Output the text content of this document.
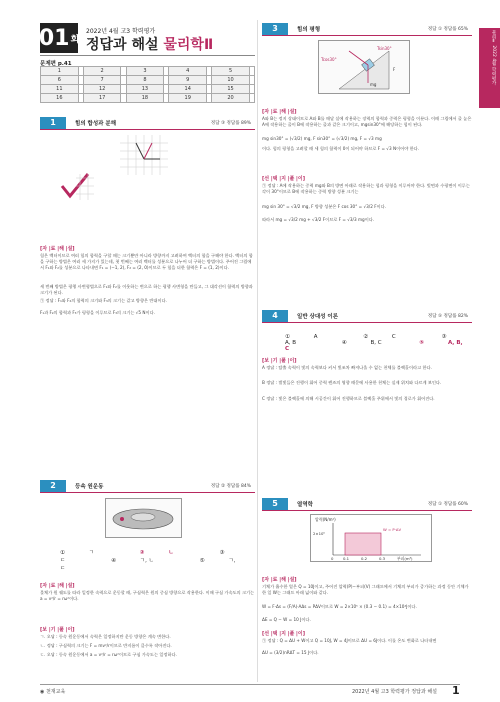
물리Ⅱ 2022 4월 학력평가
01 회
2022년 4월 고3 학력평가
정답과 해설 물리학Ⅱ
문제편 p.41
1		2		3		4		5	
6		7		8		9		10	
11		12		13		14		15	
16		17		18		19		20	
1	힘의 합성과 분해	정답 ③ 정답률 89%
[자 |료 |해 |설]
힘은 벡터이므로 여러 힘의 합력을 구할 때는 크기뿐만 아니라 방향까지 고려하여 벡터의 합을 구해야 한다. 벡터의 합을 구하는 방법은 여러 세 가지가 있는데, 첫 번째는 여러 벡터를 성분으로 나누어 더 구하는 방법이다. 주어진 그림에서 F₁와 F₂를 성분으로 나타내면 F₁ = (−1, 2), F₂ = (2, 0)이므로 두 힘을 더한 합력은 F = (1, 2)이다.
세 번째 방법은 평행 사변형법으로 F₁와 F₂를 이웃하는 변으로 하는 평행 사변형을 만들고, 그 대각선이 합력의 방향과 크기가 된다.
㉠ 정답 : F₁와 F₂의 합력의 크기와 F₃의 크기는 같고 방향은 반대이다.
F₁과 F₂의 합력과 F₃가 평형을 이루므로 F₃의 크기는 √5 N이다.
2	등속 원운동	정답 ② 정답률 84%
①	ㄱ	②	ㄴ	③ ㄷ	④	ㄱ, ㄴ	⑤	ㄱ, ㄷ
[자 |료 |해 |설]
물체가 원 궤도를 따라 일정한 속력으로 운동할 때, 구심력은 원의 중심 방향으로 작용한다. 이때 구심 가속도의 크기는 a = v²/r = rω²이다.
[보 |기 |풀 |이]
ㄱ. 오답 : 등속 원운동에서 속력은 일정하지만 운동 방향은 계속 변한다.
ㄴ. 정답 : 구심력의 크기는 F = mv²/r이므로 반지름이 클수록 작아진다.
ㄷ. 오답 : 등속 원운동에서 a = v²/r = rω²이므로 구심 가속도는 일정하다.
3	힘의 평형	정답 ① 정답률 65%
Tsin30°
Tcos30°
mg
F
[자 |료 |해 |설]
A와 B는 정지 상태이므로 A와 B를 매달 실에 작용하는 장력의 합력과 중력은 평형을 이룬다. 이때 그림에서 줄 높은 A에 작용하는 줄이 B에 작용하는 줄과 같은 크기이고, mgsin30°에 해당하는 힘이 된다.
mg sin30° = (√3/2) mg, F sin30° = (√3/2) mg, F = √3 mg
이다. 힘의 평형을 고려할 때 세 힘의 합력이 0이 되어야 하므로 F = √3 N이어야 한다.
[선 |택 |지 |풀 |이]
㉠ 정답 : A에 작용하는 중력 mg와 B의 방면 아래로 작용하는 힘과 평형을 이루어야 한다. 빗면과 수평면이 이루는 각이 30°이므로 B에 작용하는 중력 방향 성분 크기는
mg sin 30° = √3/2 mg, F 방향 성분은 F cos 30° = √3/2 F이다.
따라서 mg = √3/2 mg + √3/2 F이므로 F = √3/3 mg이다.
4	일반 상대성 이론	정답 ⑤ 정답률 82%
①	A	②	C	③ A, B	④	B, C	⑤	A, B, C
[보 |기 |풀 |이]
A 정답 : 탈출 속력이 빛의 속력보다 커서 빛조차 빠져나올 수 없는 천체를 블랙홀이라고 한다.
B 정답 : 별빛들은 진행이 휘어 중력 렌즈의 영향 때문에 사용한 천체는 실제 위치와 다르게 보인다.
C 정답 : 빛은 블랙홀에 의해 시공간이 휘어 진행하므로 블랙홀 주위에서 빛의 경로가 휘어진다.
5	열역학	정답 ① 정답률 60%
압력(N/m²)
2×10⁵
W = P·ΔV
0	0.1	0.2	0.3	부피(m³)
[자 |료 |해 |설]
기체가 흡수한 열은 Q = 10J이고, 주어진 압력(P)−부피(V) 그래프에서 기체의 부피가 증가하는 과정 동안 기체가 한 일 W는 그래프 아래 넓이와 같다.
W = F·Δs = (F/A)·AΔs = PΔV이므로 W = 2×10⁵ × (0.3 − 0.1) = 4×10⁴J이다.
ΔE = Q − W = 10 J이다.
[선 |택 |지 |풀 |이]
㉠ 정답 : Q = ΔU + W이고 Q = 10J, W = 4J이므로 ΔU = 6J이다. 이를 온도 변화로 나타내면
ΔU = (3/2)nRΔT = 15 J이다.
◉ 천재교육	2022년 4월 고3 학력평가 정답과 해설 1
